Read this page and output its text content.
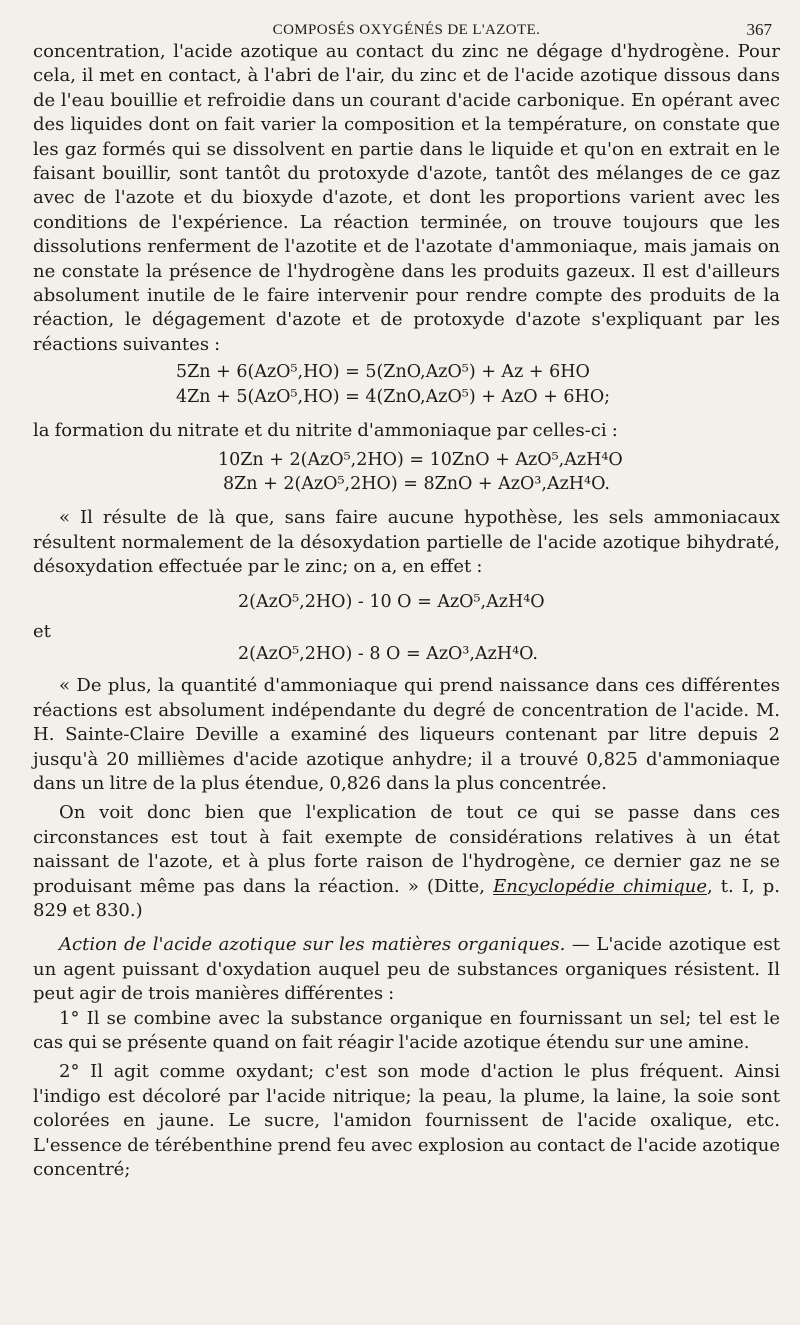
COMPOSÉS OXYGÉNÉS DE L'AZOTE.	367

concentration, l'acide azotique au contact du zinc ne dégage d'hydrogène. Pour cela, il met en contact, à l'abri de l'air, du zinc et de l'acide azotique dissous dans de l'eau bouillie et refroidie dans un courant d'acide carbonique. En opérant avec des liquides dont on fait varier la composition et la température, on constate que les gaz formés qui se dissolvent en partie dans le liquide et qu'on en extrait en le faisant bouillir, sont tantôt du protoxyde d'azote, tantôt des mélanges de ce gaz avec de l'azote et du bioxyde d'azote, et dont les proportions varient avec les conditions de l'expérience. La réaction terminée, on trouve toujours que les dissolutions renferment de l'azotite et de l'azotate d'ammoniaque, mais jamais on ne constate la présence de l'hydrogène dans les produits gazeux. Il est d'ailleurs absolument inutile de le faire intervenir pour rendre compte des produits de la réaction, le dégagement d'azote et de protoxyde d'azote s'expliquant par les réactions suivantes :

5Zn + 6(AzO⁵,HO) = 5(ZnO,AzO⁵) + Az + 6HO

4Zn + 5(AzO⁵,HO) = 4(ZnO,AzO⁵) + AzO + 6HO;

la formation du nitrate et du nitrite d'ammoniaque par celles-ci :

10Zn + 2(AzO⁵,2HO) = 10ZnO + AzO⁵,AzH⁴O

8Zn + 2(AzO⁵,2HO) = 8ZnO + AzO³,AzH⁴O.

« Il résulte de là que, sans faire aucune hypothèse, les sels ammoniacaux résultent normalement de la désoxydation partielle de l'acide azotique bihydraté, désoxydation effectuée par le zinc; on a, en effet :

2(AzO⁵,2HO) - 10 O = AzO⁵,AzH⁴O

et

2(AzO⁵,2HO) - 8 O = AzO³,AzH⁴O.

« De plus, la quantité d'ammoniaque qui prend naissance dans ces différentes réactions est absolument indépendante du degré de concentration de l'acide. M. H. Sainte-Claire Deville a examiné des liqueurs contenant par litre depuis 2 jusqu'à 20 millièmes d'acide azotique anhydre; il a trouvé 0,825 d'ammoniaque dans un litre de la plus étendue, 0,826 dans la plus concentrée.

On voit donc bien que l'explication de tout ce qui se passe dans ces circonstances est tout à fait exempte de considérations relatives à un état naissant de l'azote, et à plus forte raison de l'hydrogène, ce dernier gaz ne se produisant même pas dans la réaction. » (Ditte, Encyclopédie chimique, t. I, p. 829 et 830.)

Action de l'acide azotique sur les matières organiques. — L'acide azotique est un agent puissant d'oxydation auquel peu de substances organiques résistent. Il peut agir de trois manières différentes :

1° Il se combine avec la substance organique en fournissant un sel; tel est le cas qui se présente quand on fait réagir l'acide azotique étendu sur une amine.

2° Il agit comme oxydant; c'est son mode d'action le plus fréquent. Ainsi l'indigo est décoloré par l'acide nitrique; la peau, la plume, la laine, la soie sont colorées en jaune. Le sucre, l'amidon fournissent de l'acide oxalique, etc. L'essence de térébenthine prend feu avec explosion au contact de l'acide azotique concentré;
